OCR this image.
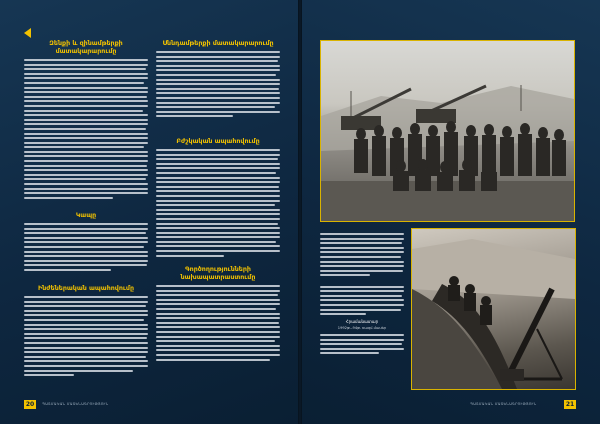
Զենքի և զինամթերքի մատակարարումը
Կապը
Ինժեներական ապահովումը
Սննդամթերքի մատակարարումը
Բժշկական ապահովումը
Գործողությունների նախապատրաստումը
Հրամանատար
1992թ.–94թ. ռազմ.մասեր
20	ՊԱՏՄԱԿԱՆ ՄԱՏԵՆԱԳՐՈՒԹՅՈՒՆ	ՊԱՏՄԱԿԱՆ ՄԱՏԵՆԱԳՐՈՒԹՅՈՒՆ	21
